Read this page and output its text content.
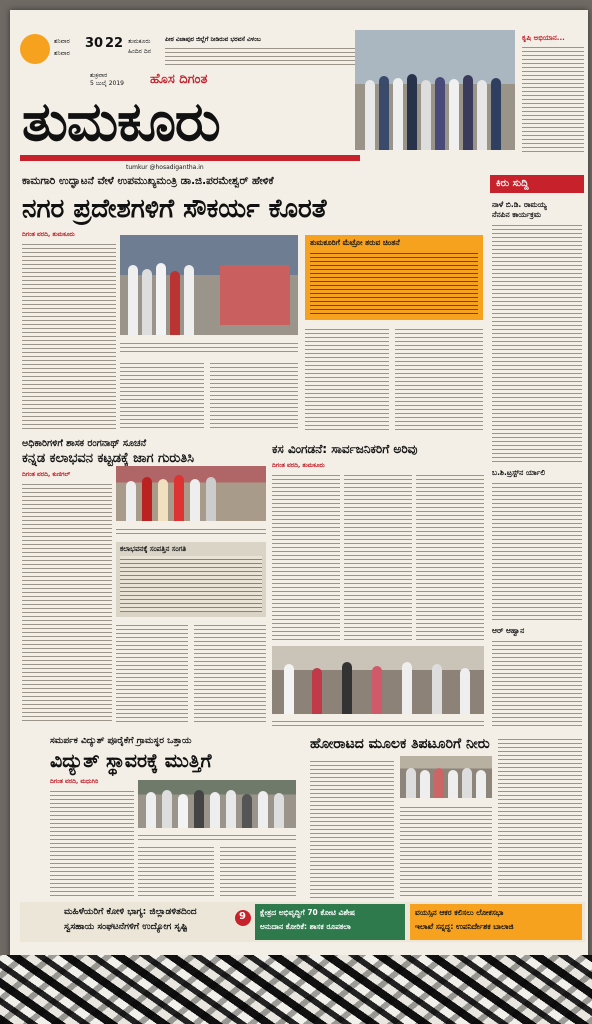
ಶನಿವಾರ
ಶನಿವಾರ
30 22 ತುಮಕೂರು
ಹಿಂದಿನ ದಿನ
ಪೀಠ ವಿಜಾಪುರ ಜಿಲ್ಲೆಗೆ ನೀಡಿರುವ ಭರವಸೆ ವಿಳಂಬ
ಶುಕ್ರವಾರ
5 ಜುಲೈ 2019 ಹೊಸ ದಿಗಂತ
ತುಮಕೂರು
tumkur @hosadigantha.in
ಕೃಷಿ ಅಭಿಯಾನ...
ಕಾಮಗಾರಿ ಉದ್ಘಾಟನೆ ವೇಳೆ ಉಪಮುಖ್ಯಮಂತ್ರಿ ಡಾ.ಜಿ.ಪರಮೇಶ್ವರ್ ಹೇಳಿಕೆ
ನಗರ ಪ್ರದೇಶಗಳಿಗೆ ಸೌಕರ್ಯ ಕೊರತೆ
ದಿಗಂತ ವರದಿ, ತುಮಕೂರು
ತುಮಕೂರಿಗೆ ಮೆಟ್ರೋ ತರುವ ಚಿಂತನೆ
ಕಿರು ಸುದ್ದಿ
ನಾಳೆ ಬಿ.ಡಿ. ರಾಮಯ್ಯ
ನೆನಪಿನ ಕಾರ್ಯಕ್ರಮ
ಬ.ಶಿ.ಟ್ರಸ್ಟ್‌ನ ರ್ಯಾಲಿ
ಆರ್ ಆಹ್ವಾನ
ಅಧಿಕಾರಿಗಳಿಗೆ ಶಾಸಕ ರಂಗನಾಥ್ ಸೂಚನೆ
ಕನ್ನಡ ಕಲಾಭವನ ಕಟ್ಟಡಕ್ಕೆ ಜಾಗ ಗುರುತಿಸಿ
ದಿಗಂತ ವರದಿ, ಕುಣಿಗಲ್
ಕಲಾಭವನಕ್ಕೆ ಸಂಪತ್ತಿನ ಸಂಗತಿ
ಕಸ ವಿಂಗಡನೆ: ಸಾರ್ವಜನಿಕರಿಗೆ ಅರಿವು
ದಿಗಂತ ವರದಿ, ತುಮಕೂರು
ಸಮರ್ಪಕ ವಿದ್ಯುತ್ ಪೂರೈಕೆಗೆ ಗ್ರಾಮಸ್ಥರ ಒತ್ತಾಯ
ವಿದ್ಯುತ್ ಸ್ಥಾವರಕ್ಕೆ ಮುತ್ತಿಗೆ
ದಿಗಂತ ವರದಿ, ಮಧುಗಿರಿ
ಹೋರಾಟದ ಮೂಲಕ ತಿಪಟೂರಿಗೆ ನೀರು
ಮಹಿಳೆಯರಿಗೆ ಕೋಳಿ ಭಾಗ್ಯ: ಜಿಲ್ಲಾಡಳಿತದಿಂದ
ಸ್ವಸಹಾಯ ಸಂಘಟನೆಗಳಿಗೆ ಉದ್ಯೋಗ ಸೃಷ್ಟಿ
9 ಕ್ಷೇತ್ರದ ಅಭಿವೃದ್ಧಿಗೆ 70 ಕೋಟಿ ವಿಶೇಷ
ಅನುದಾನ ಕೋರಿಕೆ: ಶಾಸಕ ರೂಪಕಲಾ
ವಯಸ್ಸಿನ ಆಕರ ಕಲಿಸಲು ಲೋಕಸಭಾ
ಇಲಾಖೆ ಸನ್ನದ್ಧ: ಉಪನಿರ್ದೇಶಕ ಬಾಲಾಜಿ
